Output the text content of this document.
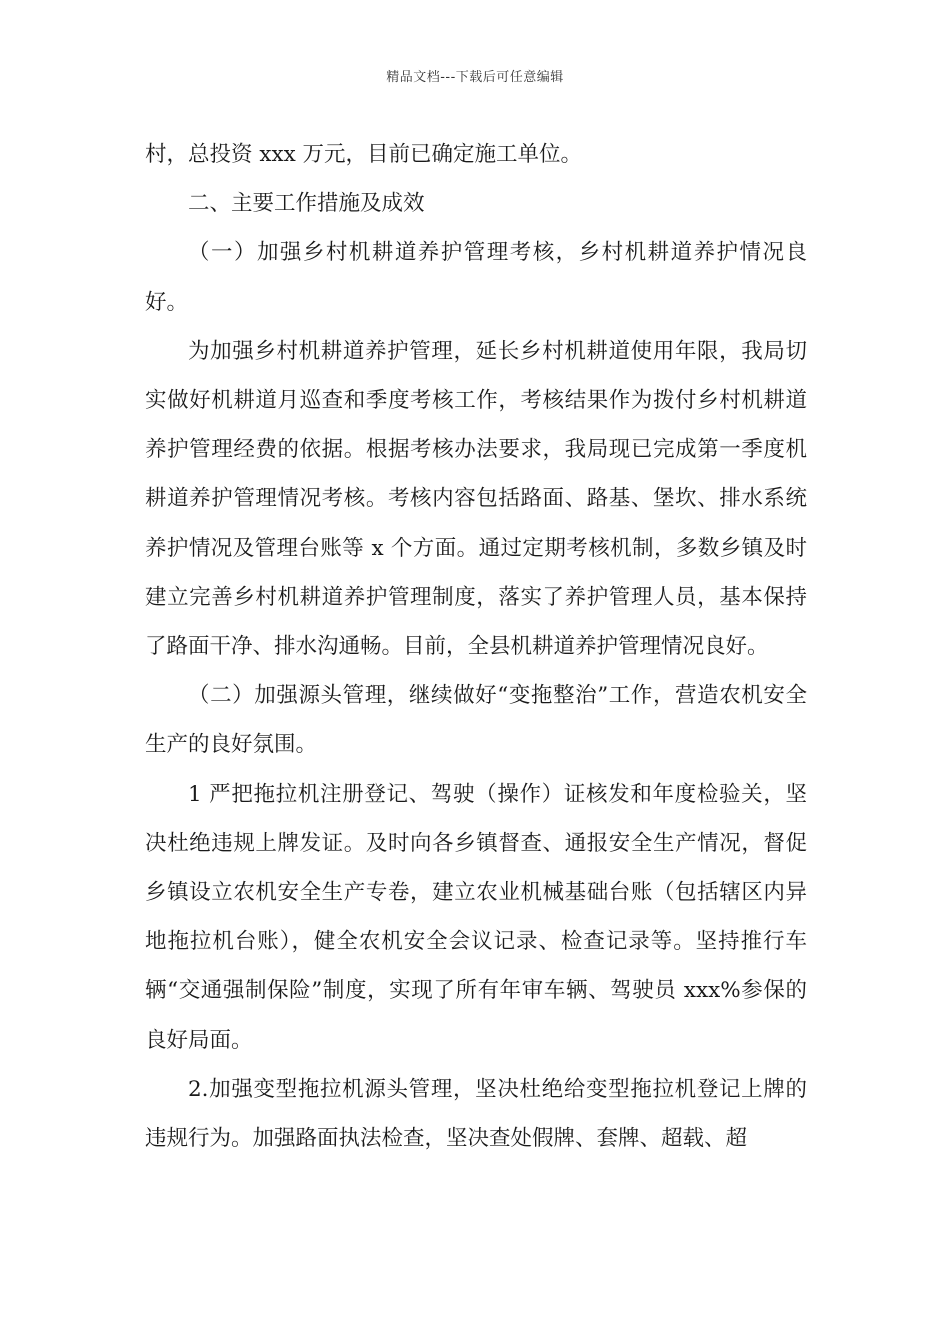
精品文档---下载后可任意编辑

村，总投资 xxx 万元，目前已确定施工单位。

二、主要工作措施及成效

（一）加强乡村机耕道养护管理考核，乡村机耕道养护情况良好。

为加强乡村机耕道养护管理，延长乡村机耕道使用年限，我局切实做好机耕道月巡查和季度考核工作，考核结果作为拨付乡村机耕道养护管理经费的依据。根据考核办法要求，我局现已完成第一季度机耕道养护管理情况考核。考核内容包括路面、路基、堡坎、排水系统养护情况及管理台账等 x 个方面。通过定期考核机制，多数乡镇及时建立完善乡村机耕道养护管理制度，落实了养护管理人员，基本保持了路面干净、排水沟通畅。目前，全县机耕道养护管理情况良好。

（二）加强源头管理，继续做好“变拖整治”工作，营造农机安全生产的良好氛围。

1 严把拖拉机注册登记、驾驶（操作）证核发和年度检验关，坚决杜绝违规上牌发证。及时向各乡镇督查、通报安全生产情况，督促乡镇设立农机安全生产专卷，建立农业机械基础台账（包括辖区内异地拖拉机台账），健全农机安全会议记录、检查记录等。坚持推行车辆“交通强制保险”制度，实现了所有年审车辆、驾驶员 xxx%参保的良好局面。

2.加强变型拖拉机源头管理，坚决杜绝给变型拖拉机登记上牌的违规行为。加强路面执法检查，坚决查处假牌、套牌、超载、超
